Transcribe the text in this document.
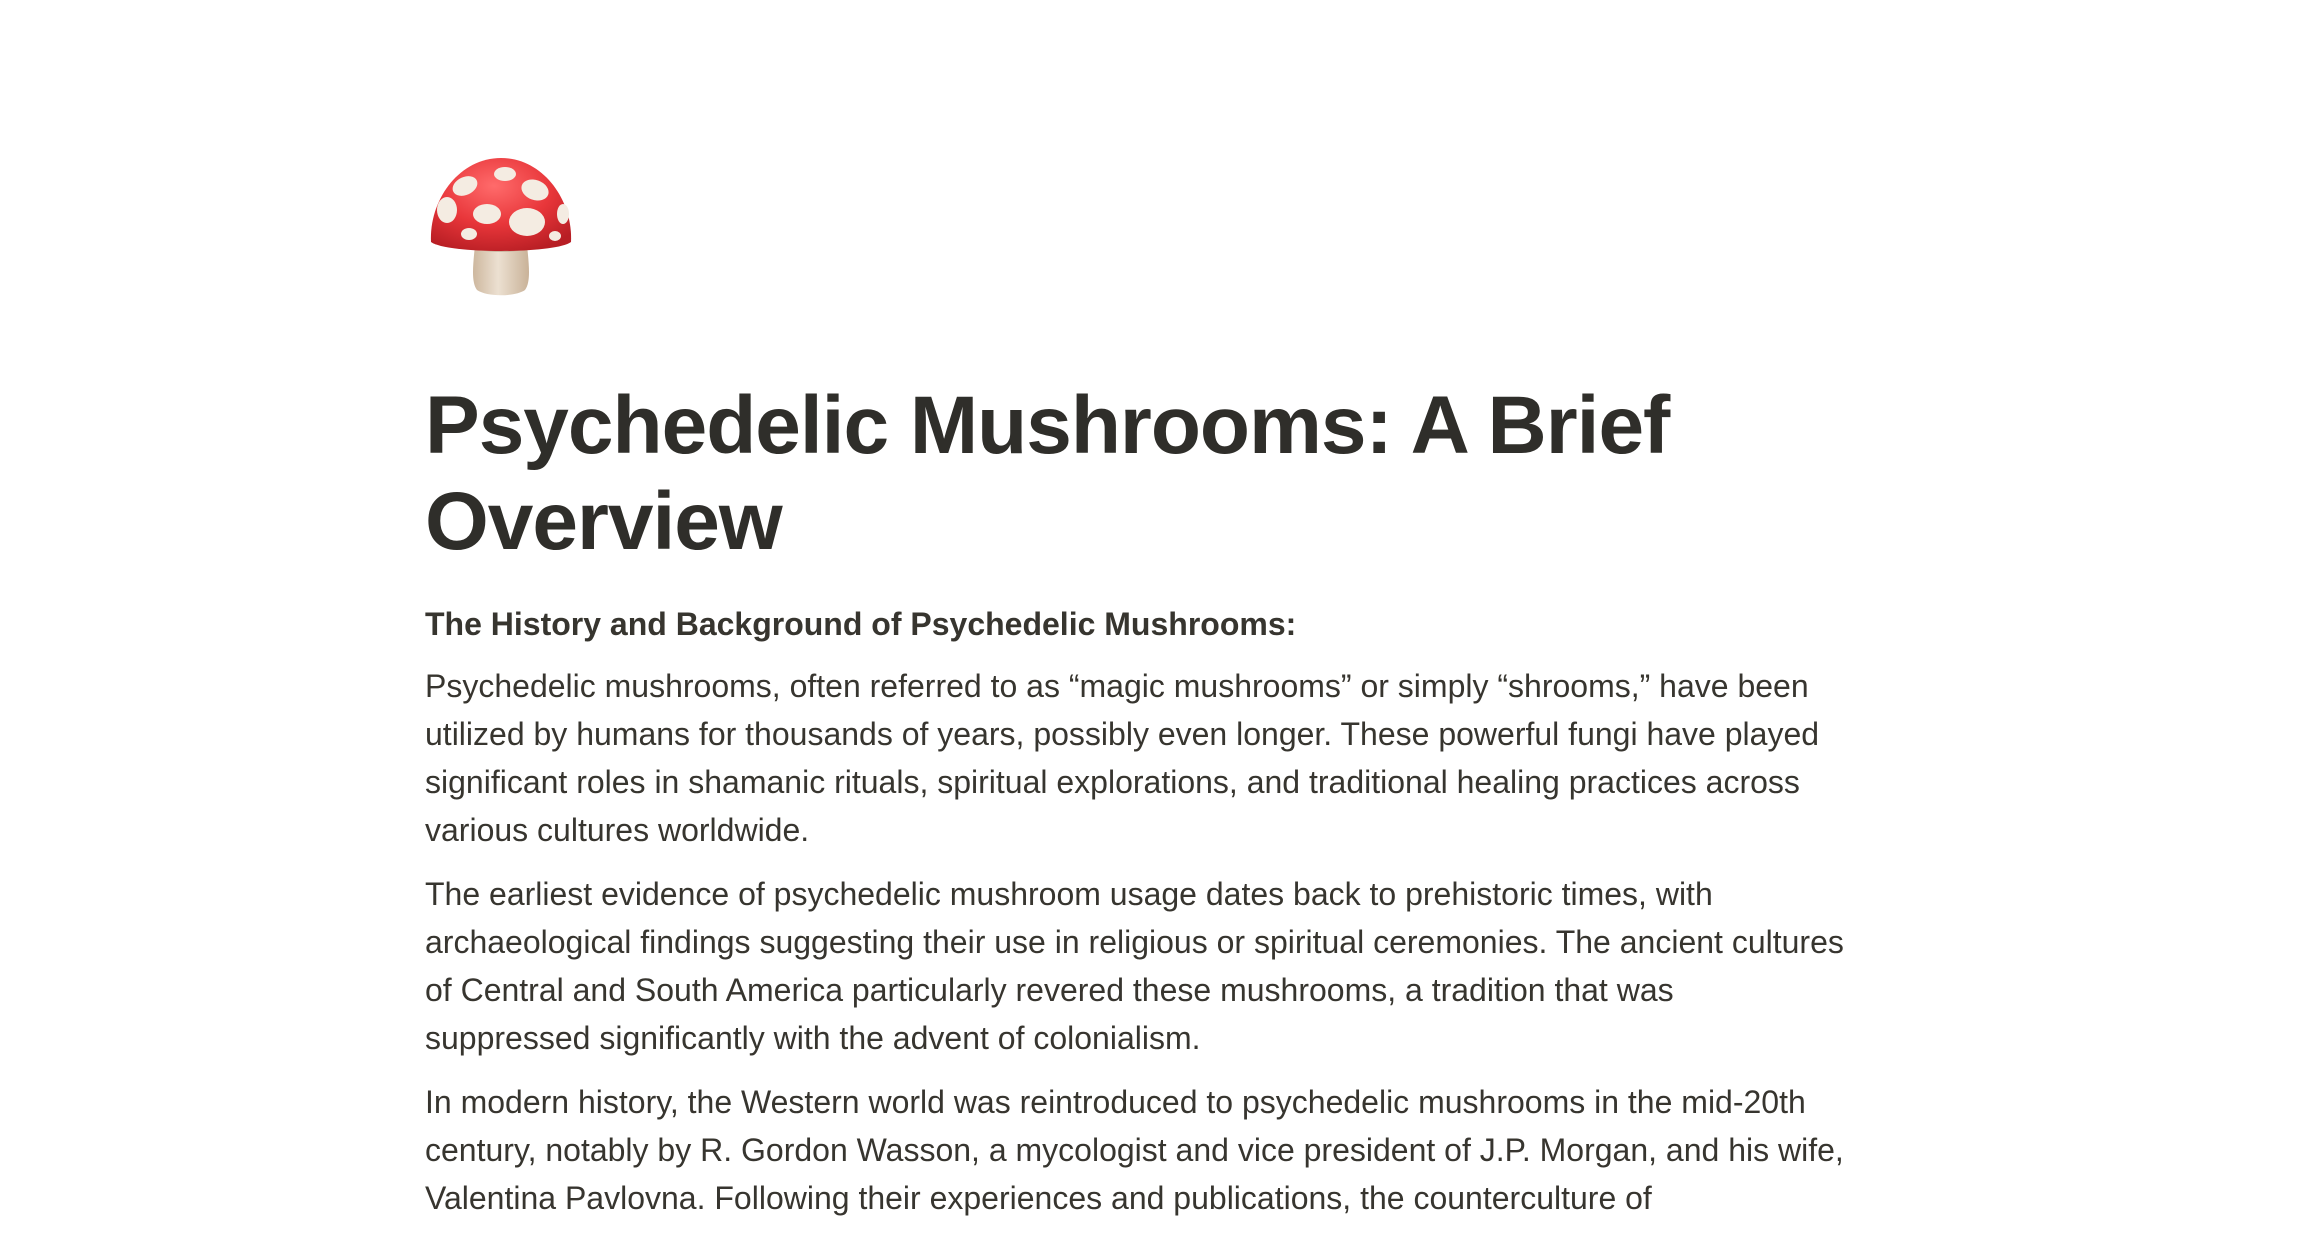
Psychedelic Mushrooms: A Brief Overview

The History and Background of Psychedelic Mushrooms:

Psychedelic mushrooms, often referred to as “magic mushrooms” or simply “shrooms,” have been utilized by humans for thousands of years, possibly even longer. These powerful fungi have played significant roles in shamanic rituals, spiritual explorations, and traditional healing practices across various cultures worldwide.

The earliest evidence of psychedelic mushroom usage dates back to prehistoric times, with archaeological findings suggesting their use in religious or spiritual ceremonies. The ancient cultures of Central and South America particularly revered these mushrooms, a tradition that was suppressed significantly with the advent of colonialism.

In modern history, the Western world was reintroduced to psychedelic mushrooms in the mid-20th century, notably by R. Gordon Wasson, a mycologist and vice president of J.P. Morgan, and his wife, Valentina Pavlovna. Following their experiences and publications, the counterculture of
